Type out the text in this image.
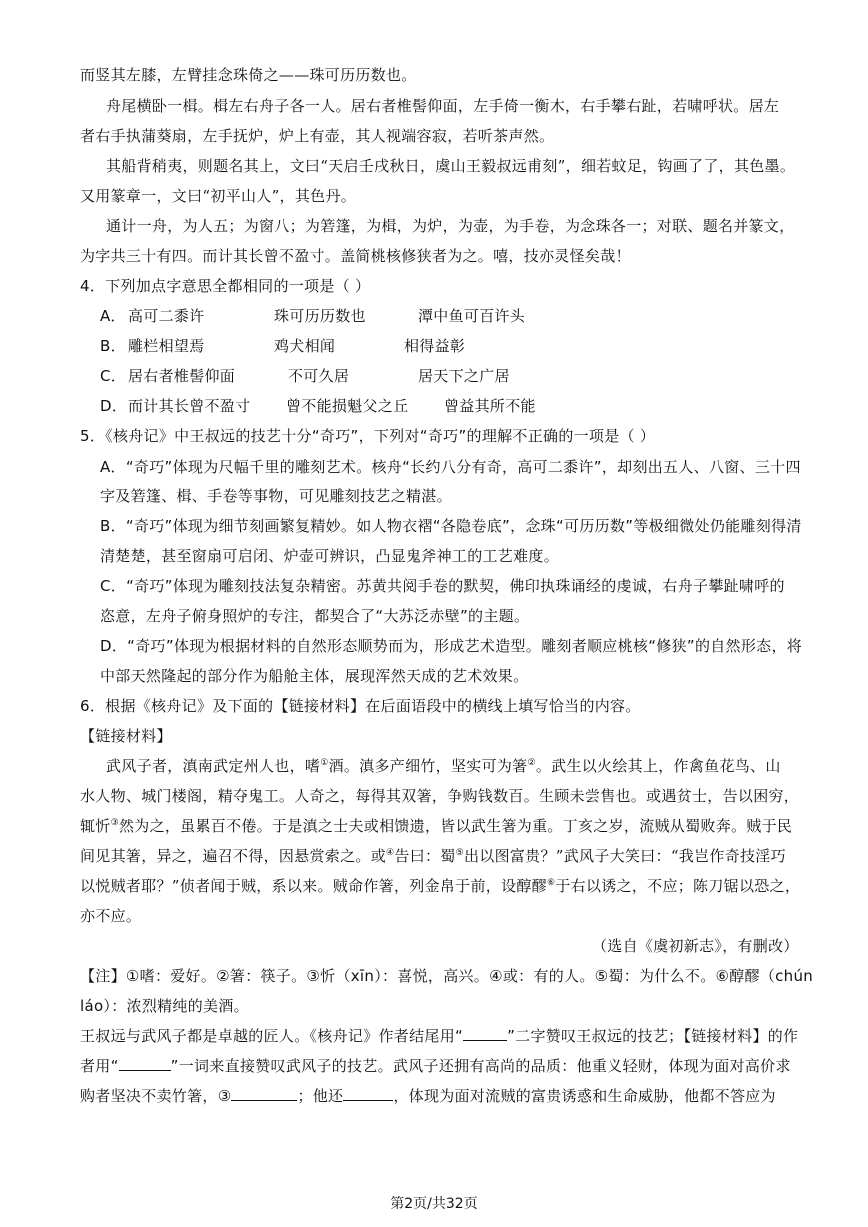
而竖其左膝，左臂挂念珠倚之——珠可历历数也。
舟尾横卧一楫。楫左右舟子各一人。居右者椎髻仰面，左手倚一衡木，右手攀右趾，若啸呼状。居左
者右手执蒲葵扇，左手抚炉，炉上有壶，其人视端容寂，若听茶声然。
其船背稍夷，则题名其上，文曰“天启壬戌秋日，虞山王毅叔远甫刻”，细若蚊足，钩画了了，其色墨。
又用篆章一，文曰“初平山人”，其色丹。
通计一舟，为人五；为窗八；为箬篷，为楫，为炉，为壶，为手卷，为念珠各一；对联、题名并篆文，
为字共三十有四。而计其长曾不盈寸。盖简桃核修狭者为之。嘻，技亦灵怪矣哉！
4．下列加点字意思全都相同的一项是（ ）
A． 高可二黍许	珠可历历数也	潭中鱼可百许头
B． 雕栏相望焉	鸡犬相闻	相得益彰
C． 居右者椎髻仰面	不可久居	居天下之广居
D． 而计其长曾不盈寸 曾不能损魁父之丘 曾益其所不能
5．《核舟记》中王叔远的技艺十分“奇巧”，下列对“奇巧”的理解不正确的一项是（ ）
A．“奇巧”体现为尺幅千里的雕刻艺术。核舟“长约八分有奇，高可二黍许”，却刻出五人、八窗、三十四
字及箬篷、楫、手卷等事物，可见雕刻技艺之精湛。
B．“奇巧”体现为细节刻画繁复精妙。如人物衣褶“各隐卷底”，念珠“可历历数”等极细微处仍能雕刻得清
清楚楚，甚至窗扇可启闭、炉壶可辨识，凸显鬼斧神工的工艺难度。
C．“奇巧”体现为雕刻技法复杂精密。苏黄共阅手卷的默契，佛印执珠诵经的虔诚，右舟子攀趾啸呼的
恣意，左舟子俯身照炉的专注，都契合了“大苏泛赤壁”的主题。
D．“奇巧”体现为根据材料的自然形态顺势而为，形成艺术造型。雕刻者顺应桃核“修狭”的自然形态，将
中部天然隆起的部分作为船舱主体，展现浑然天成的艺术效果。
6．根据《核舟记》及下面的【链接材料】在后面语段中的横线上填写恰当的内容。
【链接材料】
武风子者，滇南武定州人也，嗜①酒。滇多产细竹，坚实可为箸②。武生以火绘其上，作禽鱼花鸟、山
水人物、城门楼阁，精夺鬼工。人奇之，每得其双箸，争购钱数百。生顾未尝售也。或遇贫士，告以困穷，
辄忻③然为之，虽累百不倦。于是滇之士夫或相馈遗，皆以武生箸为重。丁亥之岁，流贼从蜀败奔。贼于民
间见其箸，异之，遍召不得，因悬赏索之。或④告曰：蜀⑤出以图富贵？”武风子大笑曰：“我岂作奇技淫巧
以悦贼者耶？”侦者闻于贼，系以来。贼命作箸，列金帛于前，设醇醪⑥于右以诱之，不应；陈刀锯以恐之，
亦不应。
（选自《虞初新志》，有删改）
【注】①嗜：爱好。②箸：筷子。③忻（xīn）：喜悦，高兴。④或：有的人。⑤蜀：为什么不。⑥醇醪（chún
láo）：浓烈精纯的美酒。
王叔远与武风子都是卓越的匠人。《核舟记》作者结尾用“	”二字赞叹王叔远的技艺；【链接材料】的作
者用“	”一词来直接赞叹武风子的技艺。武风子还拥有高尚的品质：他重义轻财，体现为面对高价求
购者坚决不卖竹箸，③	；他还	，体现为面对流贼的富贵诱惑和生命威胁，他都不答应为
第2页/共32页
